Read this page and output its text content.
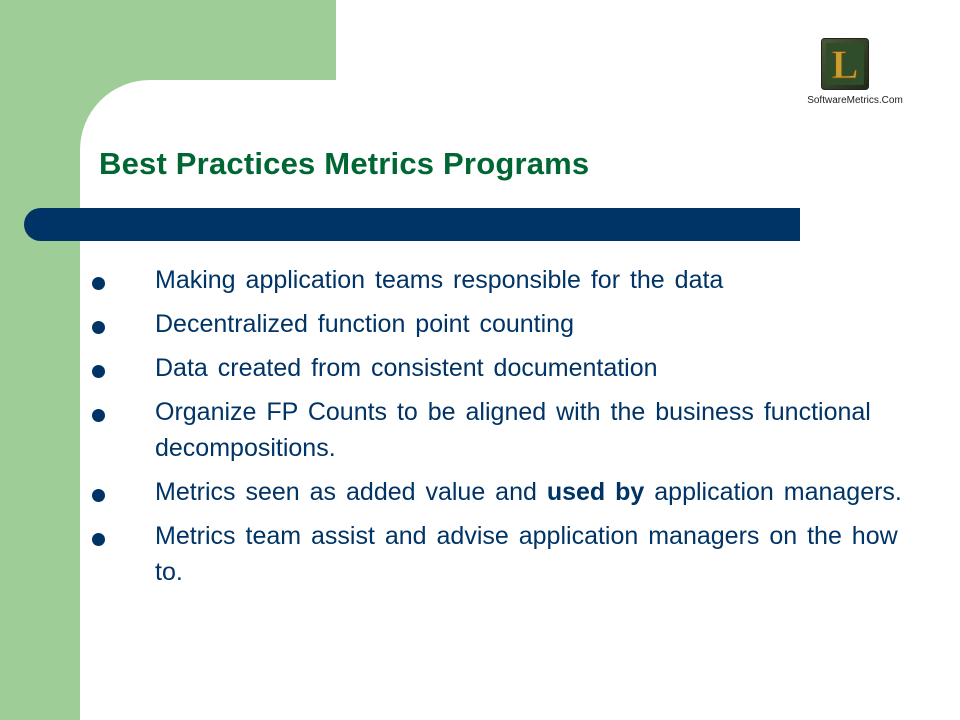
L
SoftwareMetrics.Com
Best Practices Metrics Programs
Making application teams responsible for the data
Decentralized function point counting
Data created from consistent documentation
Organize FP Counts to be aligned with the business functional decompositions.
Metrics seen as added value and used by application managers.
Metrics team assist and advise application managers on the how to.
